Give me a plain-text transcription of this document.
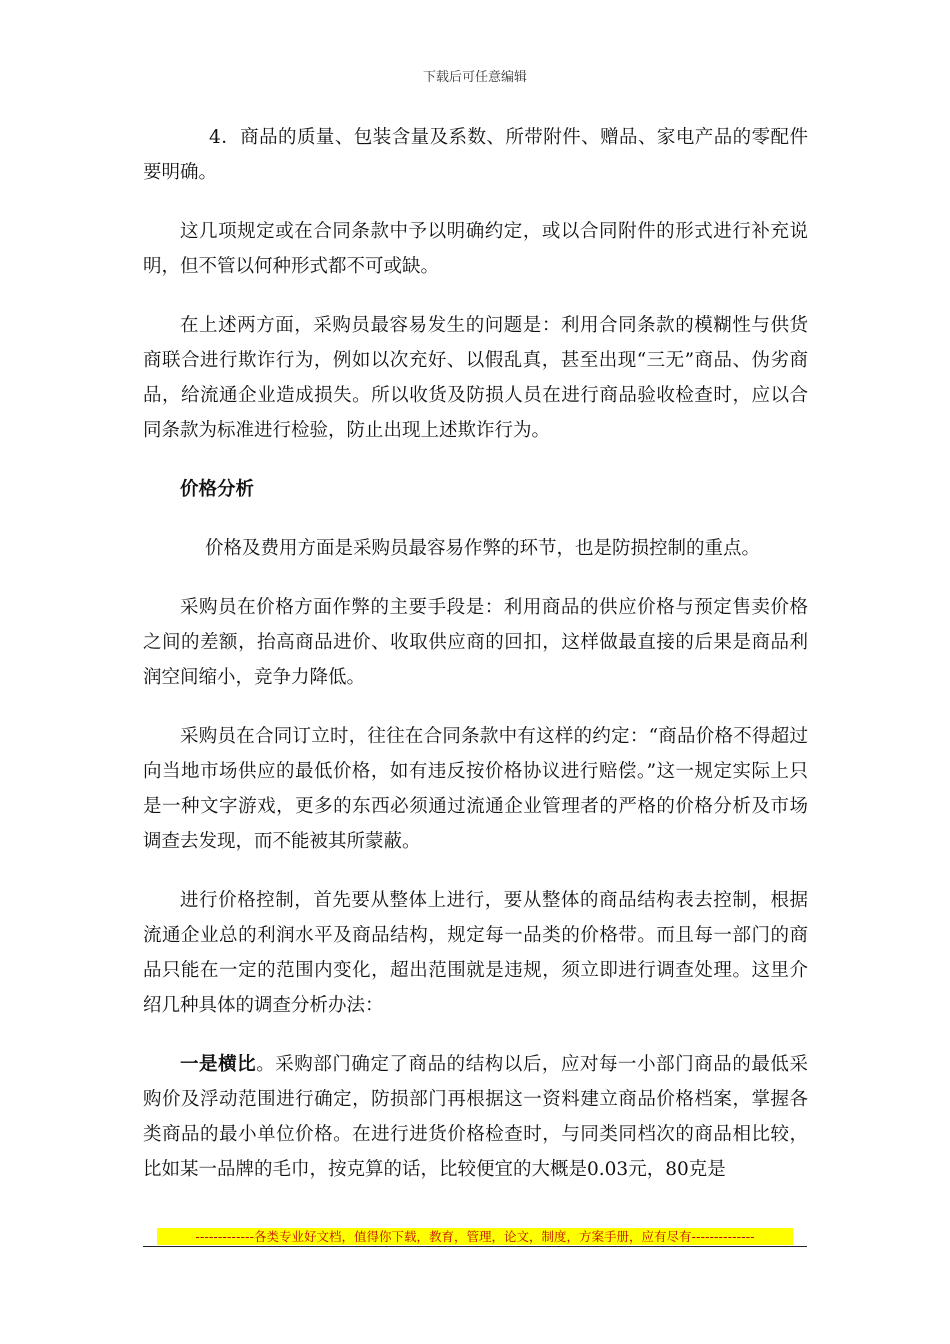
下载后可任意编辑

4．商品的质量、包装含量及系数、所带附件、赠品、家电产品的零配件要明确。

这几项规定或在合同条款中予以明确约定，或以合同附件的形式进行补充说明，但不管以何种形式都不可或缺。

在上述两方面，采购员最容易发生的问题是：利用合同条款的模糊性与供货商联合进行欺诈行为，例如以次充好、以假乱真，甚至出现“三无”商品、伪劣商品，给流通企业造成损失。所以收货及防损人员在进行商品验收检查时，应以合同条款为标准进行检验，防止出现上述欺诈行为。

价格分析

价格及费用方面是采购员最容易作弊的环节，也是防损控制的重点。

采购员在价格方面作弊的主要手段是：利用商品的供应价格与预定售卖价格之间的差额，抬高商品进价、收取供应商的回扣，这样做最直接的后果是商品利润空间缩小，竞争力降低。

采购员在合同订立时，往往在合同条款中有这样的约定：“商品价格不得超过向当地市场供应的最低价格，如有违反按价格协议进行赔偿。”这一规定实际上只是一种文字游戏，更多的东西必须通过流通企业管理者的严格的价格分析及市场调查去发现，而不能被其所蒙蔽。

进行价格控制，首先要从整体上进行，要从整体的商品结构表去控制，根据流通企业总的利润水平及商品结构，规定每一品类的价格带。而且每一部门的商品只能在一定的范围内变化，超出范围就是违规，须立即进行调查处理。这里介绍几种具体的调查分析办法：

一是横比。采购部门确定了商品的结构以后，应对每一小部门商品的最低采购价及浮动范围进行确定，防损部门再根据这一资料建立商品价格档案，掌握各类商品的最小单位价格。在进行进货价格检查时，与同类同档次的商品相比较，比如某一品牌的毛巾，按克算的话，比较便宜的大概是0.03元，80克是

-------------各类专业好文档，值得你下载，教育，管理，论文，制度，方案手册，应有尽有--------------
